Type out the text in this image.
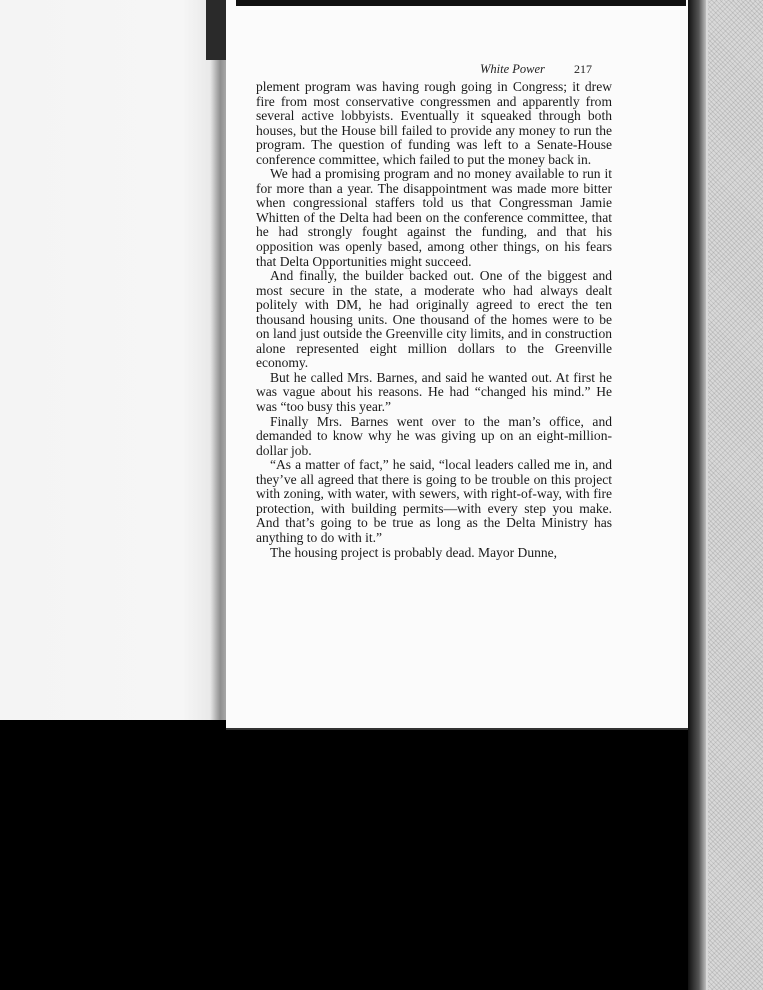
White Power 217

plement program was having rough going in Congress; it drew fire from most conservative congressmen and apparently from several active lobbyists. Eventually it squeaked through both houses, but the House bill failed to provide any money to run the program. The question of funding was left to a Senate-House conference committee, which failed to put the money back in.

We had a promising program and no money available to run it for more than a year. The disappointment was made more bitter when congressional staffers told us that Congressman Jamie Whitten of the Delta had been on the conference committee, that he had strongly fought against the funding, and that his opposition was openly based, among other things, on his fears that Delta Opportunities might succeed.

And finally, the builder backed out. One of the biggest and most secure in the state, a moderate who had always dealt politely with DM, he had originally agreed to erect the ten thousand housing units. One thousand of the homes were to be on land just outside the Greenville city limits, and in construction alone represented eight million dollars to the Greenville economy.

But he called Mrs. Barnes, and said he wanted out. At first he was vague about his reasons. He had “changed his mind.” He was “too busy this year.”

Finally Mrs. Barnes went over to the man’s office, and demanded to know why he was giving up on an eight-million-dollar job.

“As a matter of fact,” he said, “local leaders called me in, and they’ve all agreed that there is going to be trouble on this project with zoning, with water, with sewers, with right-of-way, with fire protection, with building permits—with every step you make. And that’s going to be true as long as the Delta Ministry has anything to do with it.”

The housing project is probably dead. Mayor Dunne,
